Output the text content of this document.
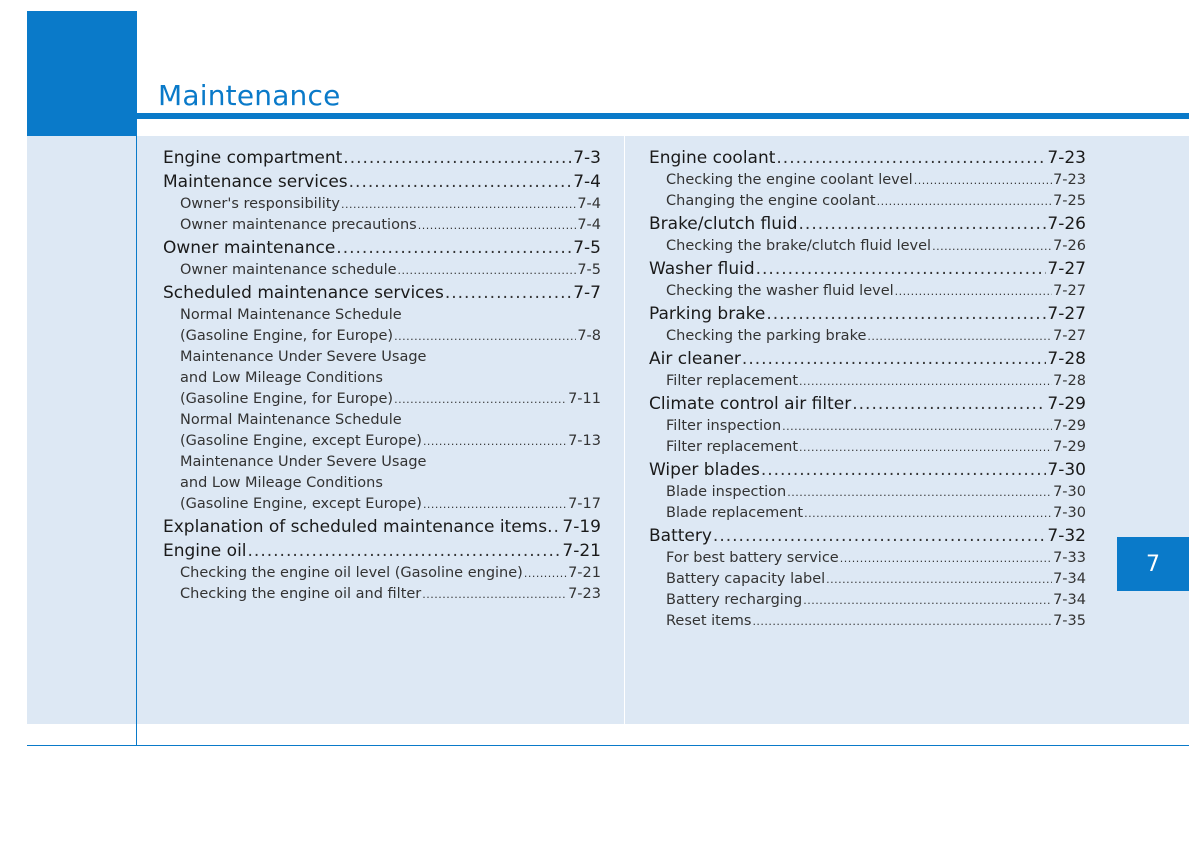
Maintenance
7
Engine compartment .....	7-3
Maintenance services .....	7-4
Owner's responsibility .....	7-4
Owner maintenance precautions .....	7-4
Owner maintenance .....	7-5
Owner maintenance schedule .....	7-5
Scheduled maintenance services .....	7-7
Normal Maintenance Schedule
(Gasoline Engine, for Europe) .....	7-8
Maintenance Under Severe Usage
and Low Mileage Conditions
(Gasoline Engine, for Europe) .....	7-11
Normal Maintenance Schedule
(Gasoline Engine, except Europe) .....	7-13
Maintenance Under Severe Usage
and Low Mileage Conditions
(Gasoline Engine, except Europe) .....	7-17
Explanation of scheduled maintenance items. ..... 7-19
Engine oil .....	7-21
Checking the engine oil level (Gasoline engine) .....	7-21
Checking the engine oil and filter .....	7-23
Engine coolant .....	7-23
Checking the engine coolant level .....	7-23
Changing the engine coolant .....	7-25
Brake/clutch fluid .....	7-26
Checking the brake/clutch fluid level .....	7-26
Washer fluid .....	7-27
Checking the washer fluid level .....	7-27
Parking brake .....	7-27
Checking the parking brake .....	7-27
Air cleaner .....	7-28
Filter replacement .....	7-28
Climate control air filter .....	7-29
Filter inspection .....	7-29
Filter replacement .....	7-29
Wiper blades .....	7-30
Blade inspection .....	7-30
Blade replacement .....	7-30
Battery .....	7-32
For best battery service .....	7-33
Battery capacity label .....	7-34
Battery recharging .....	7-34
Reset items .....	7-35
